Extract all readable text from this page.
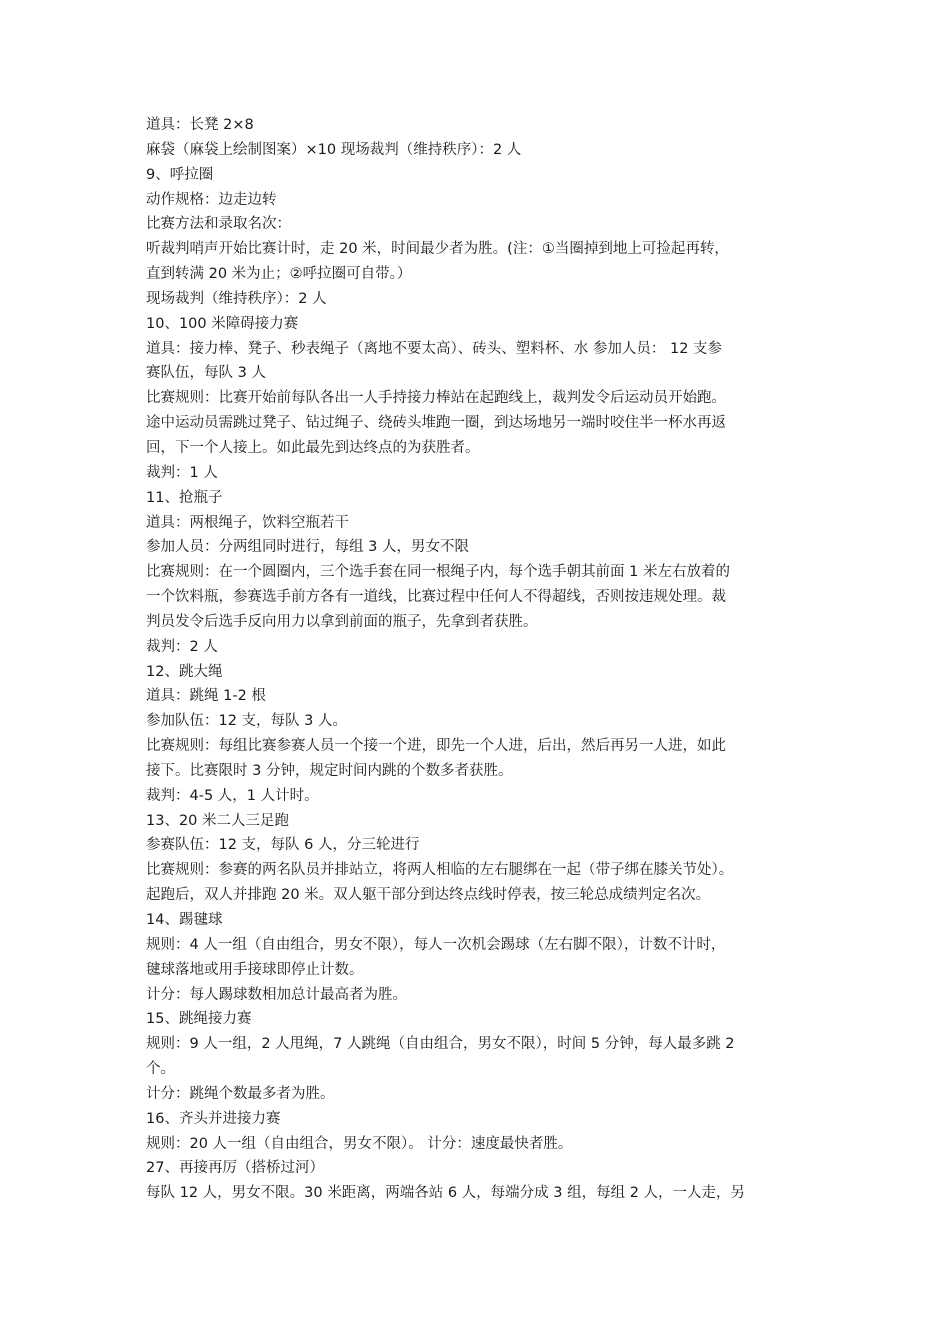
道具：长凳 2×8

麻袋（麻袋上绘制图案）×10 现场裁判（维持秩序）：2 人

9、呼拉圈

动作规格：边走边转

比赛方法和录取名次：

听裁判哨声开始比赛计时，走 20 米，时间最少者为胜。(注：①当圈掉到地上可捡起再转，

直到转满 20 米为止；②呼拉圈可自带。）

现场裁判（维持秩序）：2 人

10、100 米障碍接力赛

道具：接力棒、凳子、秒表绳子（离地不要太高）、砖头、塑料杯、水 参加人员： 12 支参

赛队伍，每队 3 人

比赛规则：比赛开始前每队各出一人手持接力棒站在起跑线上，裁判发令后运动员开始跑。

途中运动员需跳过凳子、钻过绳子、绕砖头堆跑一圈，到达场地另一端时咬住半一杯水再返

回，下一个人接上。如此最先到达终点的为获胜者。

裁判：1 人

11、抢瓶子

道具：两根绳子，饮料空瓶若干

参加人员：分两组同时进行，每组 3 人，男女不限

比赛规则：在一个圆圈内，三个选手套在同一根绳子内，每个选手朝其前面 1 米左右放着的

一个饮料瓶，参赛选手前方各有一道线，比赛过程中任何人不得超线，否则按违规处理。裁

判员发令后选手反向用力以拿到前面的瓶子，先拿到者获胜。

裁判：2 人

12、跳大绳

道具：跳绳 1-2 根

参加队伍：12 支，每队 3 人。

比赛规则：每组比赛参赛人员一个接一个进，即先一个人进，后出，然后再另一人进，如此

接下。比赛限时 3 分钟，规定时间内跳的个数多者获胜。

裁判：4-5 人，1 人计时。

13、20 米二人三足跑

参赛队伍：12 支，每队 6 人，分三轮进行

比赛规则：参赛的两名队员并排站立，将两人相临的左右腿绑在一起（带子绑在膝关节处）。

起跑后，双人并排跑 20 米。双人躯干部分到达终点线时停表，按三轮总成绩判定名次。

14、踢毽球

规则：4 人一组（自由组合，男女不限），每人一次机会踢球（左右脚不限），计数不计时，

毽球落地或用手接球即停止计数。

计分：每人踢球数相加总计最高者为胜。

15、跳绳接力赛

规则：9 人一组，2 人甩绳，7 人跳绳（自由组合，男女不限），时间 5 分钟，每人最多跳 2

个。

计分：跳绳个数最多者为胜。

16、齐头并进接力赛

规则：20 人一组（自由组合，男女不限）。 计分：速度最快者胜。

27、再接再厉（搭桥过河）

每队 12 人，男女不限。30 米距离，两端各站 6 人，每端分成 3 组，每组 2 人，一人走，另
